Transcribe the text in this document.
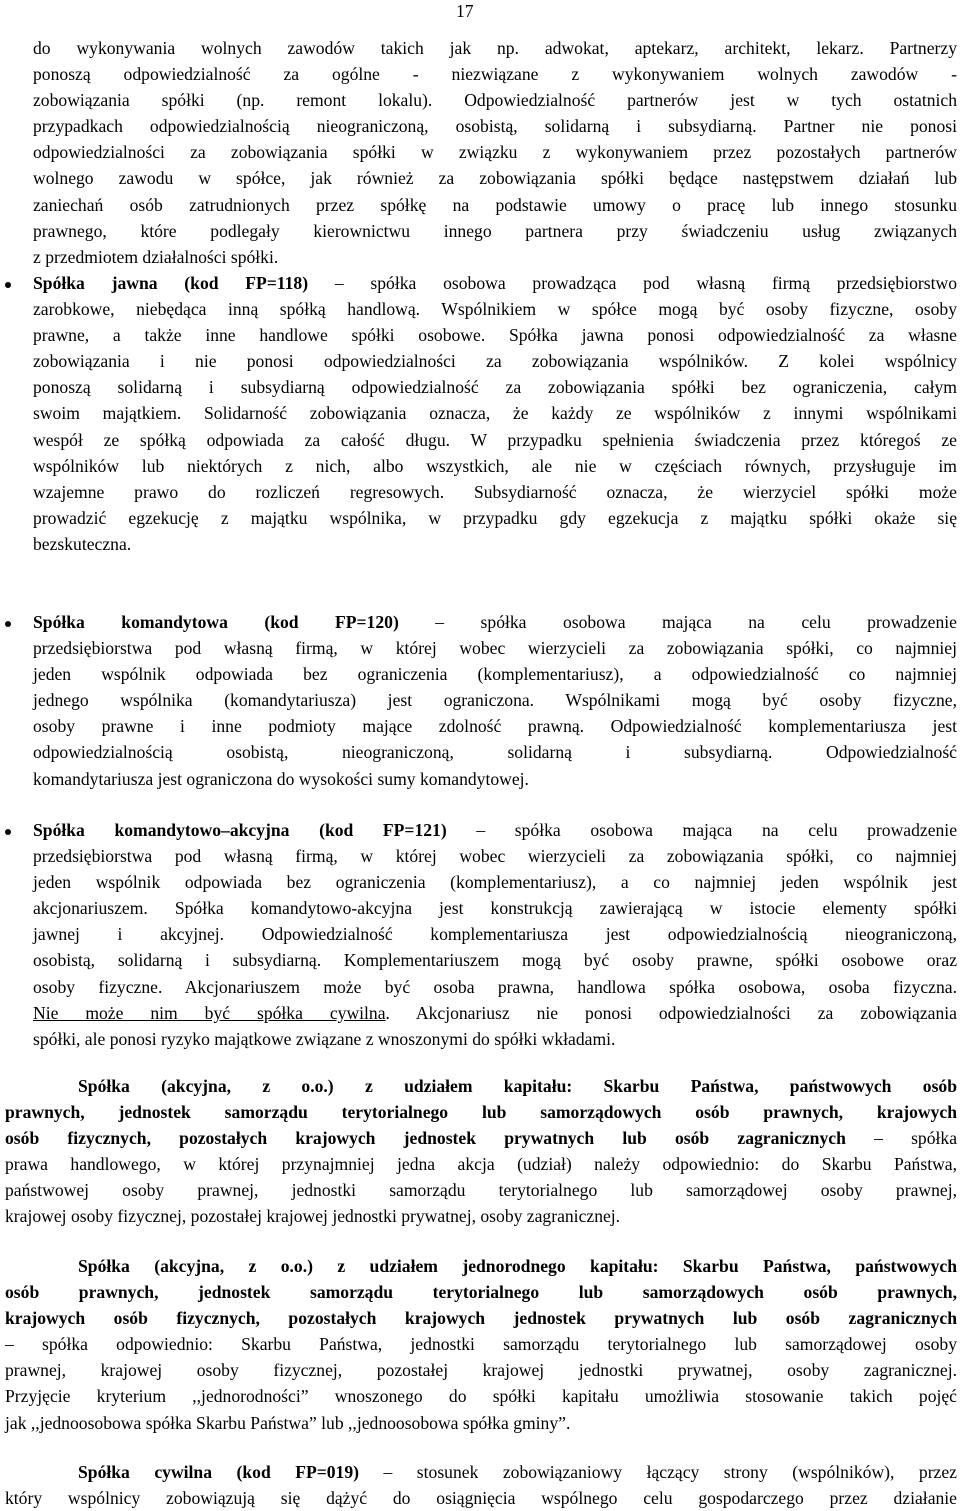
17
do wykonywania wolnych zawodów takich jak np. adwokat, aptekarz, architekt, lekarz. Partnerzy
ponoszą odpowiedzialność za ogólne - niezwiązane z wykonywaniem wolnych zawodów -
zobowiązania spółki (np. remont lokalu). Odpowiedzialność partnerów jest w tych ostatnich
przypadkach odpowiedzialnością nieograniczoną, osobistą, solidarną i subsydiarną. Partner nie ponosi
odpowiedzialności za zobowiązania spółki w związku z wykonywaniem przez pozostałych partnerów
wolnego zawodu w spółce, jak również za zobowiązania spółki będące następstwem działań lub
zaniechań osób zatrudnionych przez spółkę na podstawie umowy o pracę lub innego stosunku
prawnego, które podlegały kierownictwu innego partnera przy świadczeniu usług związanych
z przedmiotem działalności spółki.
Spółka jawna (kod FP=118) – spółka osobowa prowadząca pod własną firmą przedsiębiorstwo
zarobkowe, niebędąca inną spółką handlową. Wspólnikiem w spółce mogą być osoby fizyczne, osoby
prawne, a także inne handlowe spółki osobowe. Spółka jawna ponosi odpowiedzialność za własne
zobowiązania i nie ponosi odpowiedzialności za zobowiązania wspólników. Z kolei wspólnicy
ponoszą solidarną i subsydiarną odpowiedzialność za zobowiązania spółki bez ograniczenia, całym
swoim majątkiem. Solidarność zobowiązania oznacza, że każdy ze wspólników z innymi wspólnikami
wespół ze spółką odpowiada za całość długu. W przypadku spełnienia świadczenia przez któregoś ze
wspólników lub niektórych z nich, albo wszystkich, ale nie w częściach równych, przysługuje im
wzajemne prawo do rozliczeń regresowych. Subsydiarność oznacza, że wierzyciel spółki może
prowadzić egzekucję z majątku wspólnika, w przypadku gdy egzekucja z majątku spółki okaże się
bezskuteczna.
Spółka komandytowa (kod FP=120) – spółka osobowa mająca na celu prowadzenie
przedsiębiorstwa pod własną firmą, w której wobec wierzycieli za zobowiązania spółki, co najmniej
jeden wspólnik odpowiada bez ograniczenia (komplementariusz), a odpowiedzialność co najmniej
jednego wspólnika (komandytariusza) jest ograniczona. Wspólnikami mogą być osoby fizyczne,
osoby prawne i inne podmioty mające zdolność prawną. Odpowiedzialność komplementariusza jest
odpowiedzialnością osobistą, nieograniczoną, solidarną i subsydiarną. Odpowiedzialność
komandytariusza jest ograniczona do wysokości sumy komandytowej.
Spółka komandytowo–akcyjna (kod FP=121) – spółka osobowa mająca na celu prowadzenie
przedsiębiorstwa pod własną firmą, w której wobec wierzycieli za zobowiązania spółki, co najmniej
jeden wspólnik odpowiada bez ograniczenia (komplementariusz), a co najmniej jeden wspólnik jest
akcjonariuszem. Spółka komandytowo-akcyjna jest konstrukcją zawierającą w istocie elementy spółki
jawnej i akcyjnej. Odpowiedzialność komplementariusza jest odpowiedzialnością nieograniczoną,
osobistą, solidarną i subsydiarną. Komplementariuszem mogą być osoby prawne, spółki osobowe oraz
osoby fizyczne. Akcjonariuszem może być osoba prawna, handlowa spółka osobowa, osoba fizyczna.
Nie może nim być spółka cywilna. Akcjonariusz nie ponosi odpowiedzialności za zobowiązania
spółki, ale ponosi ryzyko majątkowe związane z wnoszonymi do spółki wkładami.
Spółka (akcyjna, z o.o.) z udziałem kapitału: Skarbu Państwa, państwowych osób
prawnych, jednostek samorządu terytorialnego lub samorządowych osób prawnych, krajowych
osób fizycznych, pozostałych krajowych jednostek prywatnych lub osób zagranicznych – spółka
prawa handlowego, w której przynajmniej jedna akcja (udział) należy odpowiednio: do Skarbu Państwa,
państwowej osoby prawnej, jednostki samorządu terytorialnego lub samorządowej osoby prawnej,
krajowej osoby fizycznej, pozostałej krajowej jednostki prywatnej, osoby zagranicznej.
Spółka (akcyjna, z o.o.) z udziałem jednorodnego kapitału: Skarbu Państwa, państwowych
osób prawnych, jednostek samorządu terytorialnego lub samorządowych osób prawnych,
krajowych osób fizycznych, pozostałych krajowych jednostek prywatnych lub osób zagranicznych
– spółka odpowiednio: Skarbu Państwa, jednostki samorządu terytorialnego lub samorządowej osoby
prawnej, krajowej osoby fizycznej, pozostałej krajowej jednostki prywatnej, osoby zagranicznej.
Przyjęcie kryterium ,,jednorodności” wnoszonego do spółki kapitału umożliwia stosowanie takich pojęć
jak ,,jednoosobowa spółka Skarbu Państwa” lub ,,jednoosobowa spółka gminy”.
Spółka cywilna (kod FP=019) – stosunek zobowiązaniowy łączący strony (wspólników), przez
który wspólnicy zobowiązują się dążyć do osiągnięcia wspólnego celu gospodarczego przez działanie
